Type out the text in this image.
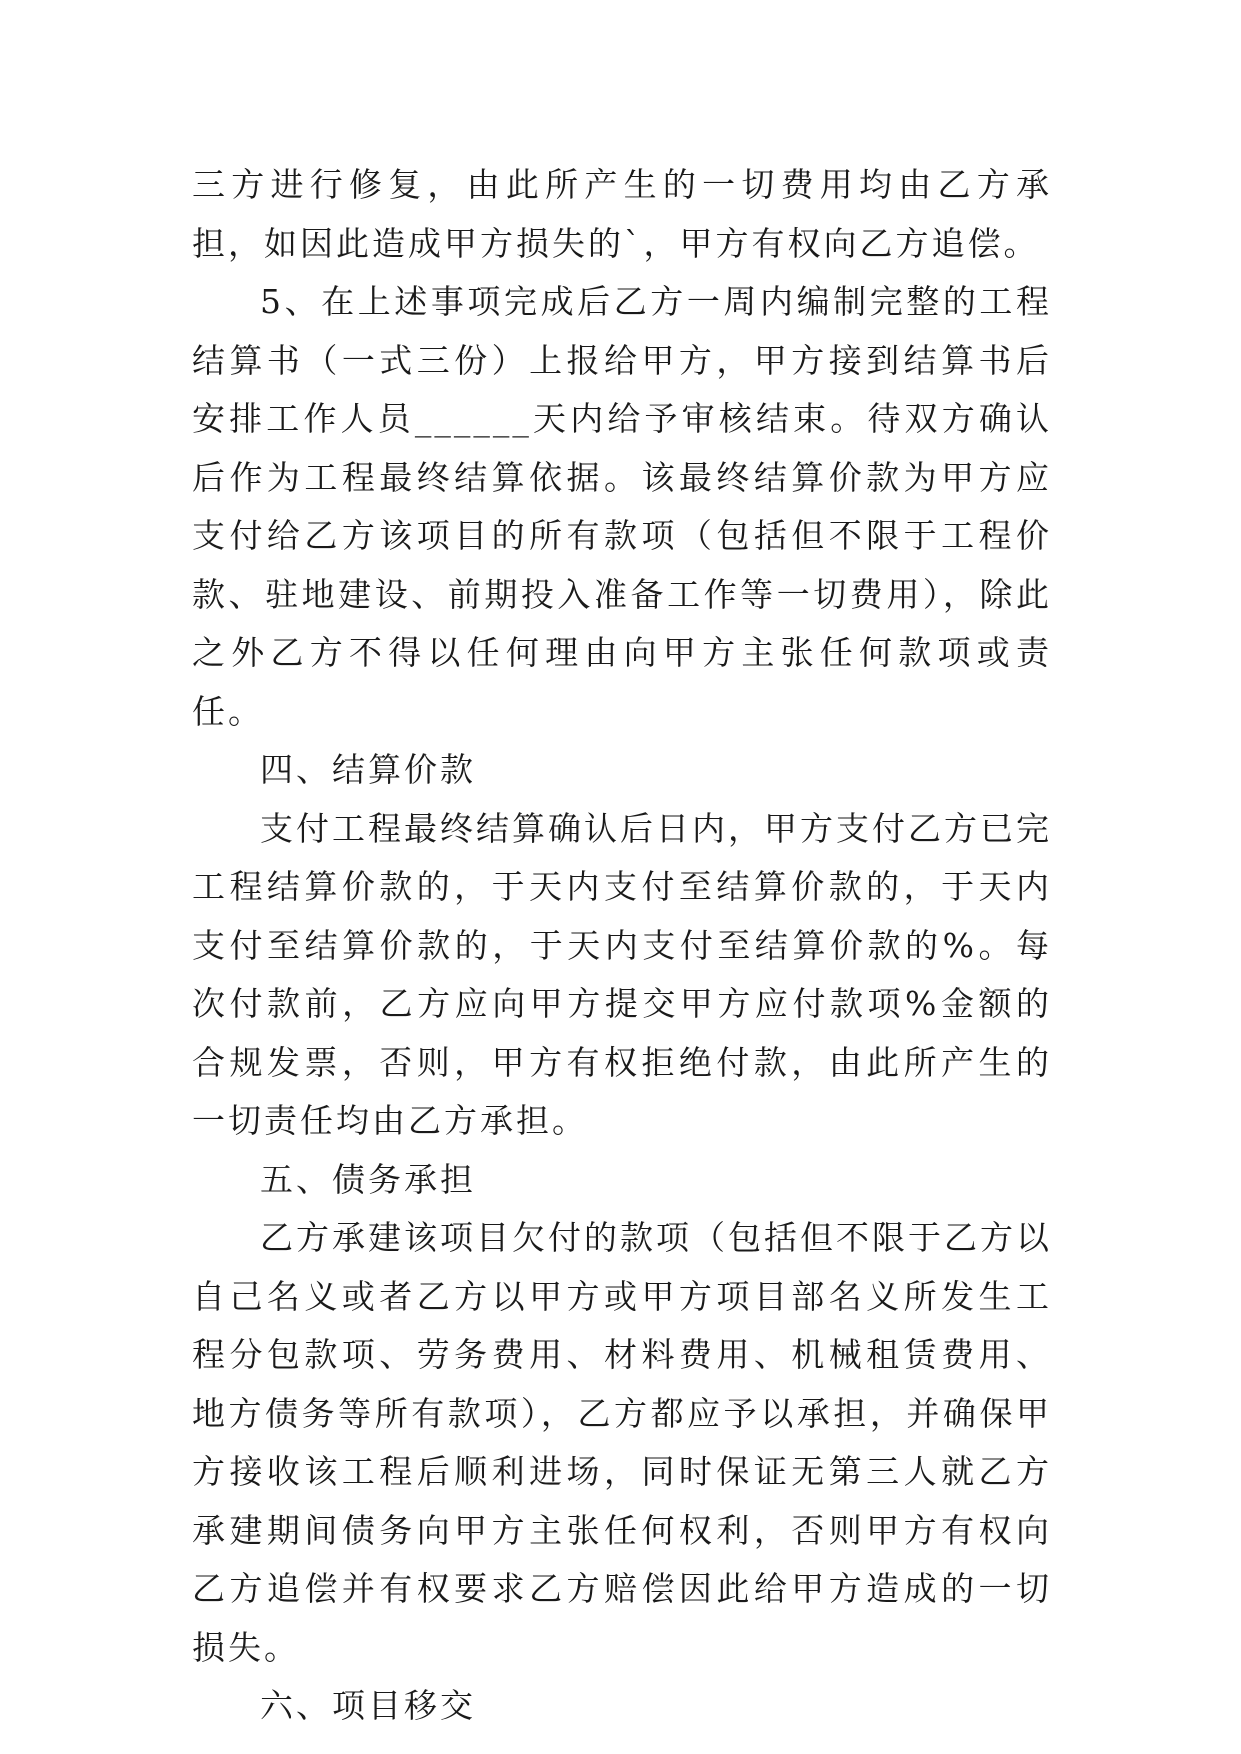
三方进行修复，由此所产生的一切费用均由乙方承担，如因此造成甲方损失的`，甲方有权向乙方追偿。

5、在上述事项完成后乙方一周内编制完整的工程结算书（一式三份）上报给甲方，甲方接到结算书后安排工作人员______天内给予审核结束。待双方确认后作为工程最终结算依据。该最终结算价款为甲方应支付给乙方该项目的所有款项（包括但不限于工程价款、驻地建设、前期投入准备工作等一切费用），除此之外乙方不得以任何理由向甲方主张任何款项或责任。

四、结算价款

支付工程最终结算确认后日内，甲方支付乙方已完工程结算价款的，于天内支付至结算价款的，于天内支付至结算价款的，于天内支付至结算价款的%。每次付款前，乙方应向甲方提交甲方应付款项%金额的合规发票，否则，甲方有权拒绝付款，由此所产生的一切责任均由乙方承担。

五、债务承担

乙方承建该项目欠付的款项（包括但不限于乙方以自己名义或者乙方以甲方或甲方项目部名义所发生工程分包款项、劳务费用、材料费用、机械租赁费用、地方债务等所有款项），乙方都应予以承担，并确保甲方接收该工程后顺利进场，同时保证无第三人就乙方承建期间债务向甲方主张任何权利，否则甲方有权向乙方追偿并有权要求乙方赔偿因此给甲方造成的一切损失。

六、项目移交
